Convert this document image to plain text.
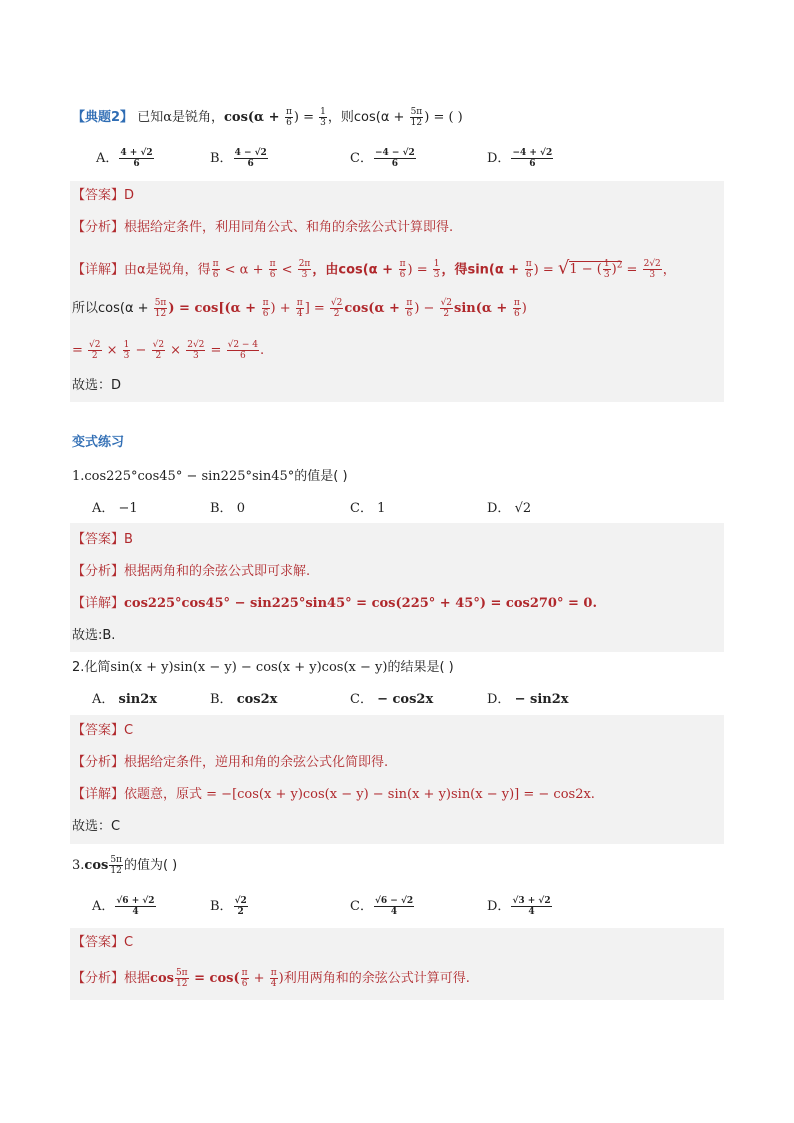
【典题2】 已知α是锐角，$\cos(\alpha + \frac{\pi}{6}$ ) = $\frac{1}{3}$ ，则$\cos(\alpha + \frac{5\pi}{12}$ ) = ( )
A． $\frac{4 + √2}{6}$	B． $\frac{4 - √2}{6}$	C． $\frac{-4 - √2}{6}$	D． $\frac{-4 + √2}{6}$
【答案】D
【分析】根据给定条件，利用同角公式、和角的余弦公式计算即得.
【详解】由α是锐角，得 $\frac{\pi}{6} < \alpha + \frac{\pi}{6} < \frac{2\pi}{3}$ ，由$\cos(\alpha + \frac{\pi}{6}$ ) = $\frac{1}{3}$ ，得$\sin(\alpha + \frac{\pi}{6}$ ) = √1 − ( $\frac{1}{3} )^2 = \frac{2√2}{3}$ ，
所以$\cos(\alpha + \frac{5\pi}{12}$ ) = $\cos[(\alpha + \frac{\pi}{6}$ ) + $\frac{\pi}{4}$ ] = $\frac{√2}{2} \cos(\alpha + \frac{\pi}{6}$ ) − $\frac{√2}{2} \sin(\alpha + \frac{\pi}{6}$ )
= $\frac{√2}{2} \times \frac{1}{3} - \frac{√2}{2} \times \frac{2√2}{3} = \frac{√2 - 4}{6}$ .
故选：D
变式练习
1.cos225°cos45° − sin225°sin45°的值是( )
A． −1	B． 0	C． 1	D． √2
【答案】B
【分析】根据两角和的余弦公式即可求解.
【详解】cos225°cos45° − sin225°sin45° = cos(225° + 45°) = cos270° = 0.
故选:B.
2.化简sin(x + y)sin(x − y) − cos(x + y)cos(x − y)的结果是( )
A． sin2x	B． cos2x	C． − cos2x	D． − sin2x
【答案】C
【分析】根据给定条件，逆用和角的余弦公式化简即得.
【详解】依题意，原式 = −[cos(x + y)cos(x − y) − sin(x + y)sin(x − y)] = − cos2x.
故选：C
$3.\cos \frac{5\pi}{12}$ 的值为( )
A． $\frac{√6 + √2}{4}$	B． $\frac{√2}{2}$	C． $\frac{√6 - √2}{4}$	D． $\frac{√3 + √2}{4}$
【答案】C
【分析】根据$\cos \frac{5\pi}{12} = \cos( \frac{\pi}{6} + \frac{\pi}{4}$ )利用两角和的余弦公式计算可得.
